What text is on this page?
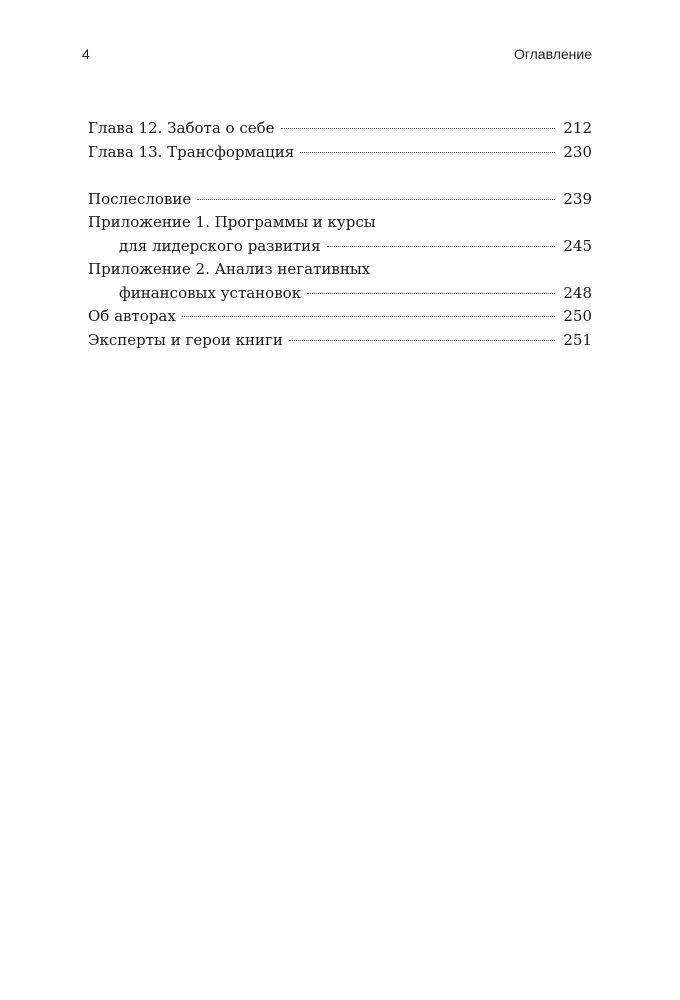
4	Оглавление
Глава 12. Забота о себе	212
Глава 13. Трансформация	230
Послесловие	239
Приложение 1. Программы и курсы
для лидерского развития	245
Приложение 2. Анализ негативных
финансовых установок	248
Об авторах	250
Эксперты и герои книги	251
